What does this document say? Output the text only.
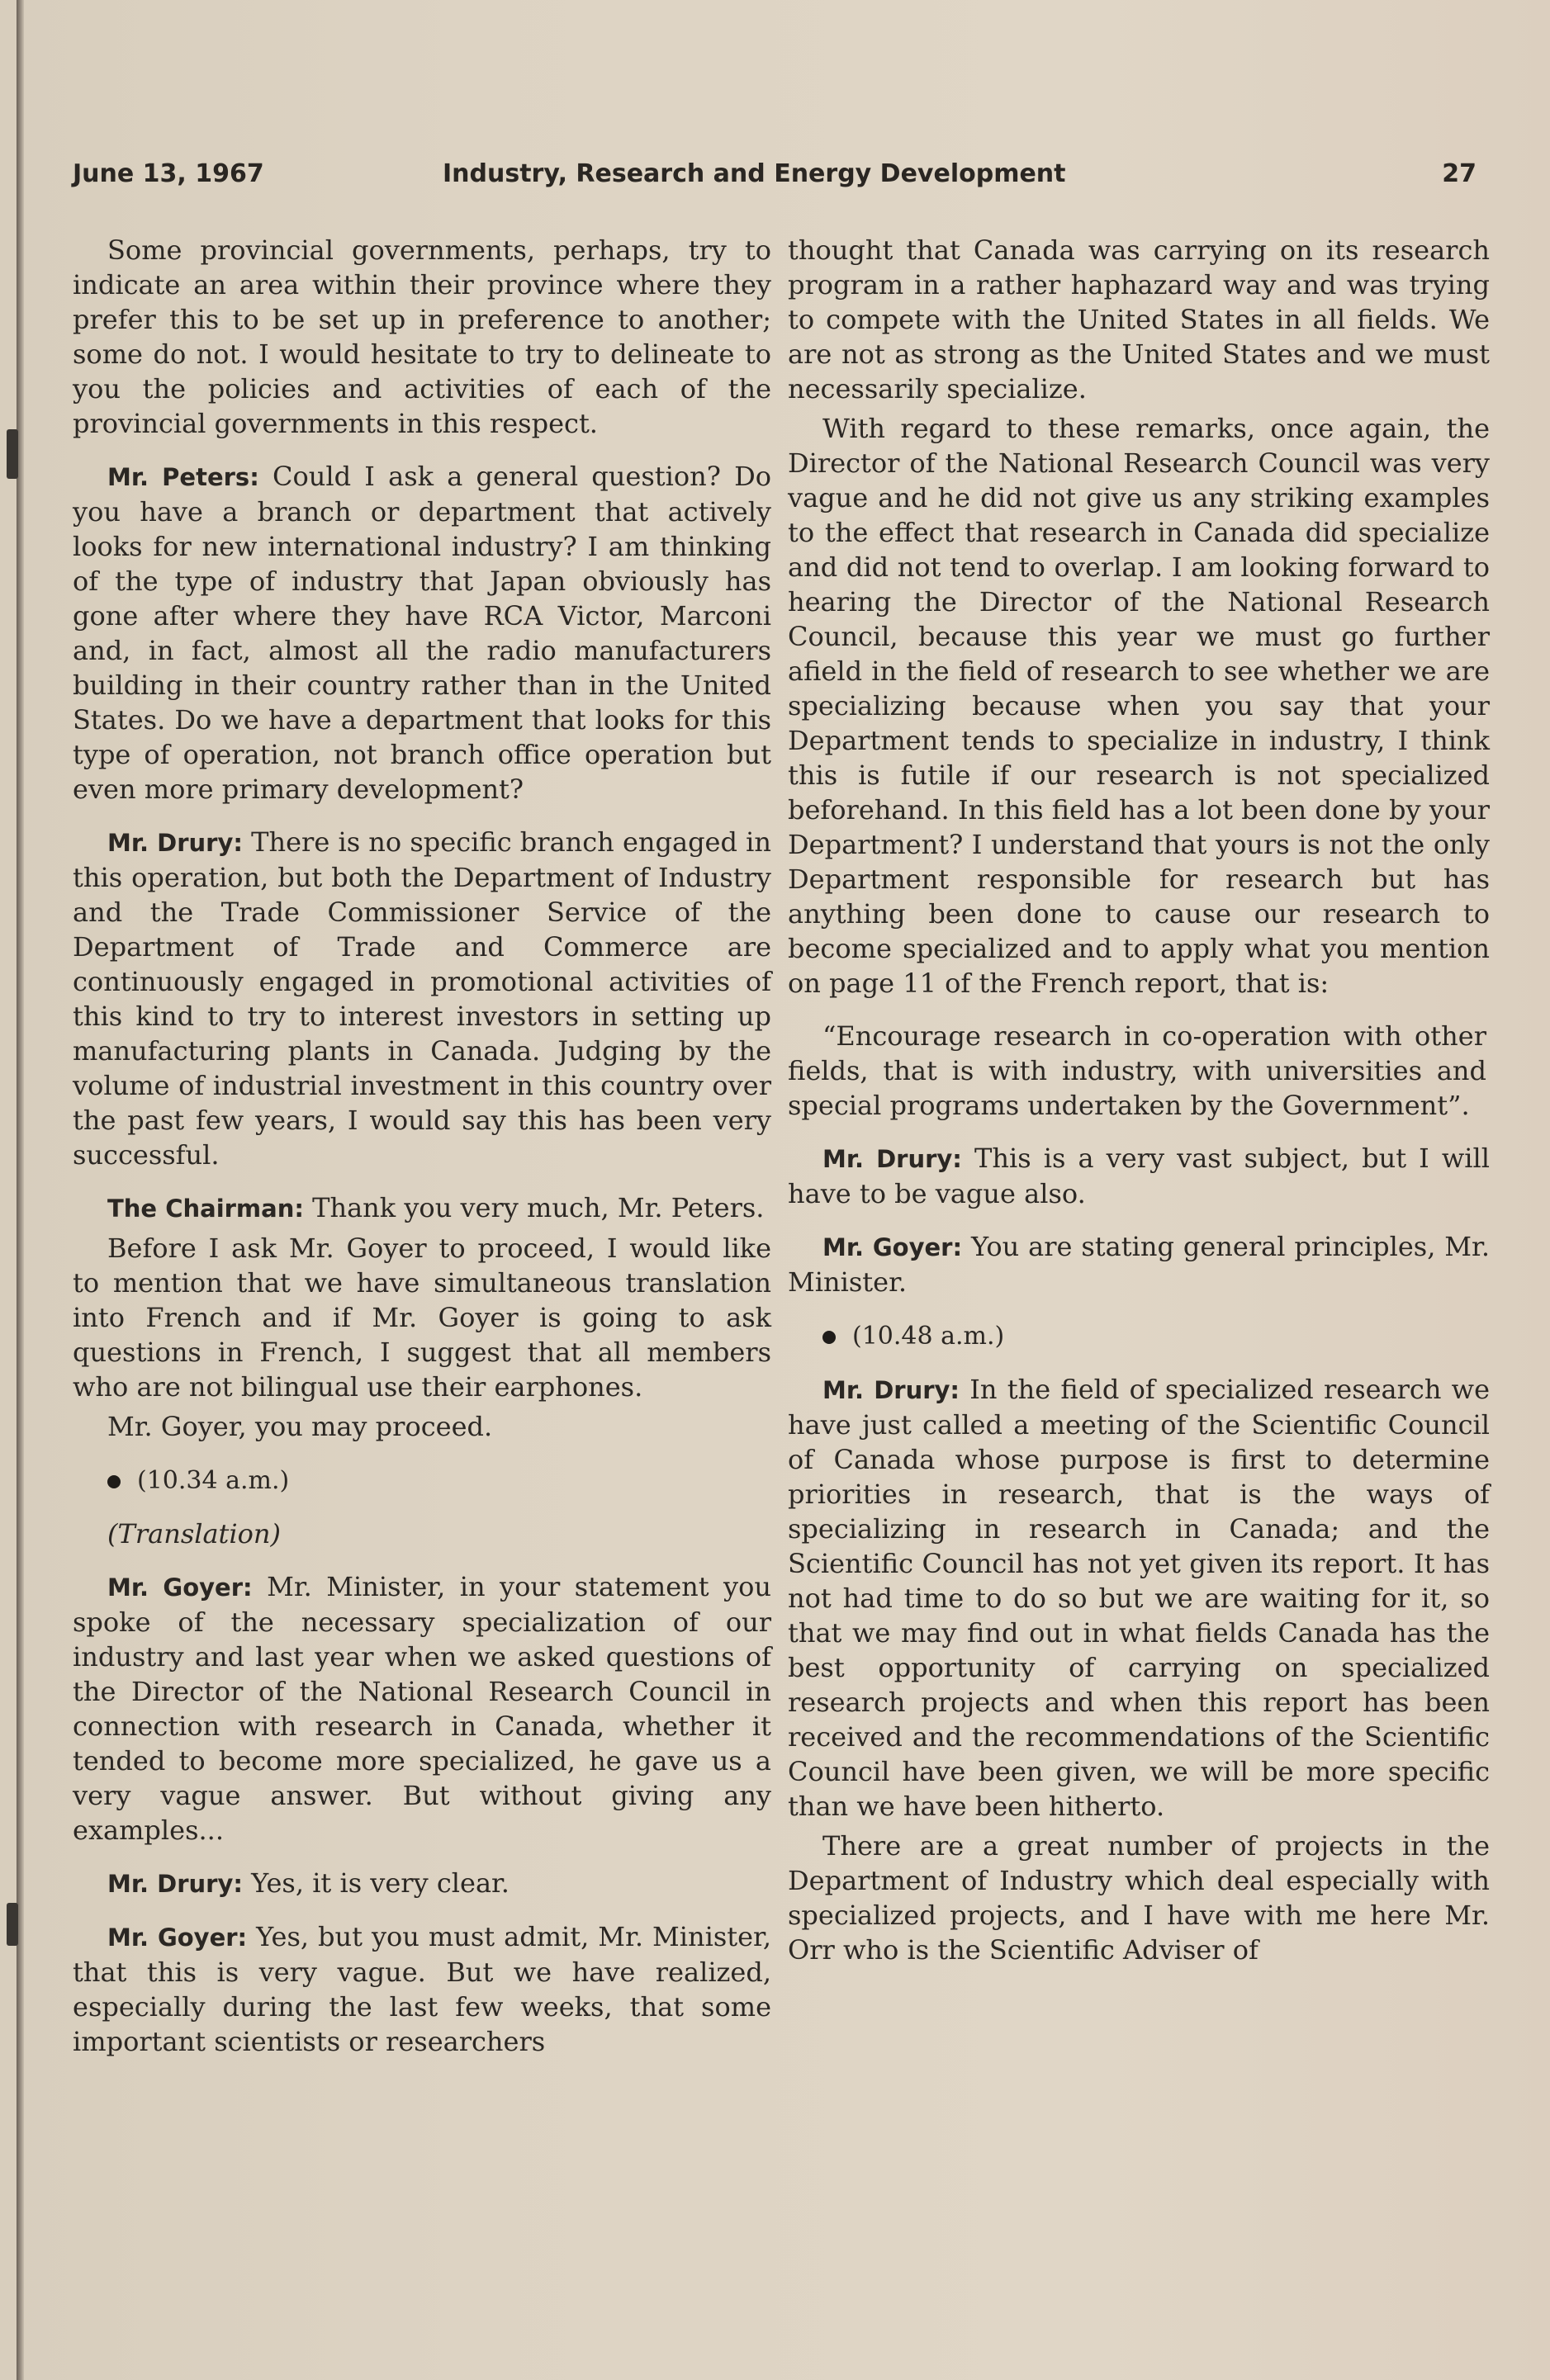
June 13, 1967	Industry, Research and Energy Development	27

Some provincial governments, perhaps, try to indicate an area within their province where they prefer this to be set up in preference to another; some do not. I would hesitate to try to delineate to you the policies and activities of each of the provincial governments in this respect.

Mr. Peters: Could I ask a general question? Do you have a branch or department that actively looks for new international industry? I am thinking of the type of industry that Japan obviously has gone after where they have RCA Victor, Marconi and, in fact, almost all the radio manufacturers building in their country rather than in the United States. Do we have a department that looks for this type of operation, not branch office operation but even more primary development?

Mr. Drury: There is no specific branch engaged in this operation, but both the Department of Industry and the Trade Commissioner Service of the Department of Trade and Commerce are continuously engaged in promotional activities of this kind to try to interest investors in setting up manufacturing plants in Canada. Judging by the volume of industrial investment in this country over the past few years, I would say this has been very successful.

The Chairman: Thank you very much, Mr. Peters.

Before I ask Mr. Goyer to proceed, I would like to mention that we have simultaneous translation into French and if Mr. Goyer is going to ask questions in French, I suggest that all members who are not bilingual use their earphones.

Mr. Goyer, you may proceed.

(10.34 a.m.)

(Translation)

Mr. Goyer: Mr. Minister, in your statement you spoke of the necessary specialization of our industry and last year when we asked questions of the Director of the National Research Council in connection with research in Canada, whether it tended to become more specialized, he gave us a very vague answer. But without giving any examples...

Mr. Drury: Yes, it is very clear.

Mr. Goyer: Yes, but you must admit, Mr. Minister, that this is very vague. But we have realized, especially during the last few weeks, that some important scientists or researchers

thought that Canada was carrying on its research program in a rather haphazard way and was trying to compete with the United States in all fields. We are not as strong as the United States and we must necessarily specialize.

With regard to these remarks, once again, the Director of the National Research Council was very vague and he did not give us any striking examples to the effect that research in Canada did specialize and did not tend to overlap. I am looking forward to hearing the Director of the National Research Council, because this year we must go further afield in the field of research to see whether we are specializing because when you say that your Department tends to specialize in industry, I think this is futile if our research is not specialized beforehand. In this field has a lot been done by your Department? I understand that yours is not the only Department responsible for research but has anything been done to cause our research to become specialized and to apply what you mention on page 11 of the French report, that is:

“Encourage research in co-operation with other fields, that is with industry, with universities and special programs undertaken by the Government”.

Mr. Drury: This is a very vast subject, but I will have to be vague also.

Mr. Goyer: You are stating general principles, Mr. Minister.

(10.48 a.m.)

Mr. Drury: In the field of specialized research we have just called a meeting of the Scientific Council of Canada whose purpose is first to determine priorities in research, that is the ways of specializing in research in Canada; and the Scientific Council has not yet given its report. It has not had time to do so but we are waiting for it, so that we may find out in what fields Canada has the best opportunity of carrying on specialized research projects and when this report has been received and the recommendations of the Scientific Council have been given, we will be more specific than we have been hitherto.

There are a great number of projects in the Department of Industry which deal especially with specialized projects, and I have with me here Mr. Orr who is the Scientific Adviser of
